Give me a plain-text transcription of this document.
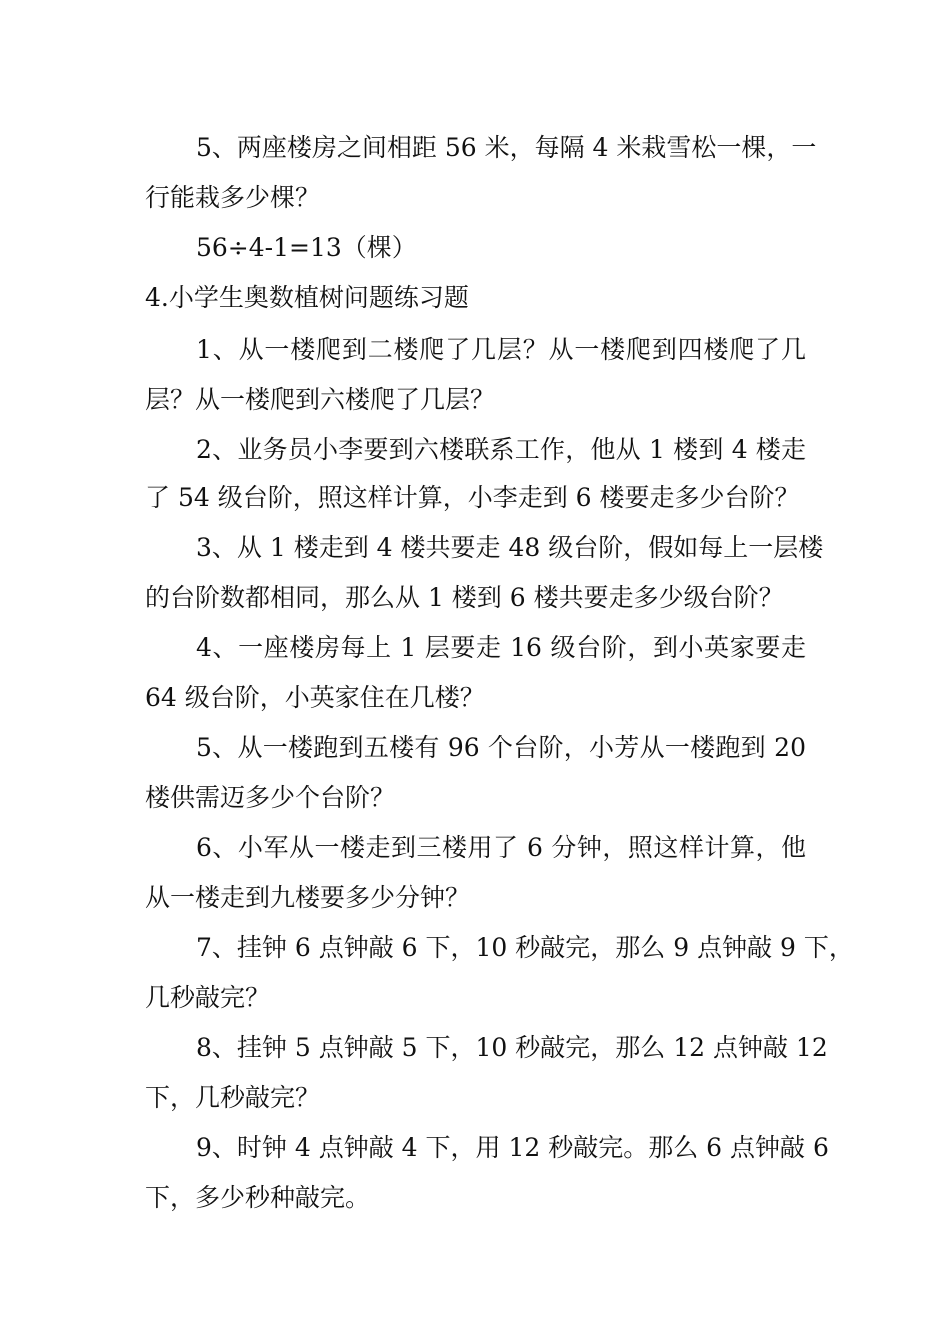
5、两座楼房之间相距 56 米，每隔 4 米栽雪松一棵，一
行能栽多少棵？
56÷4-1=13（棵）
4.小学生奥数植树问题练习题
1、从一楼爬到二楼爬了几层？从一楼爬到四楼爬了几
层？从一楼爬到六楼爬了几层？
2、业务员小李要到六楼联系工作，他从 1 楼到 4 楼走
了 54 级台阶，照这样计算，小李走到 6 楼要走多少台阶？
3、从 1 楼走到 4 楼共要走 48 级台阶，假如每上一层楼
的台阶数都相同，那么从 1 楼到 6 楼共要走多少级台阶？
4、一座楼房每上 1 层要走 16 级台阶，到小英家要走
64 级台阶，小英家住在几楼？
5、从一楼跑到五楼有 96 个台阶，小芳从一楼跑到 20
楼供需迈多少个台阶？
6、小军从一楼走到三楼用了 6 分钟，照这样计算，他
从一楼走到九楼要多少分钟？
7、挂钟 6 点钟敲 6 下，10 秒敲完，那么 9 点钟敲 9 下，
几秒敲完？
8、挂钟 5 点钟敲 5 下，10 秒敲完，那么 12 点钟敲 12
下，几秒敲完？
9、时钟 4 点钟敲 4 下，用 12 秒敲完。那么 6 点钟敲 6
下，多少秒种敲完。
